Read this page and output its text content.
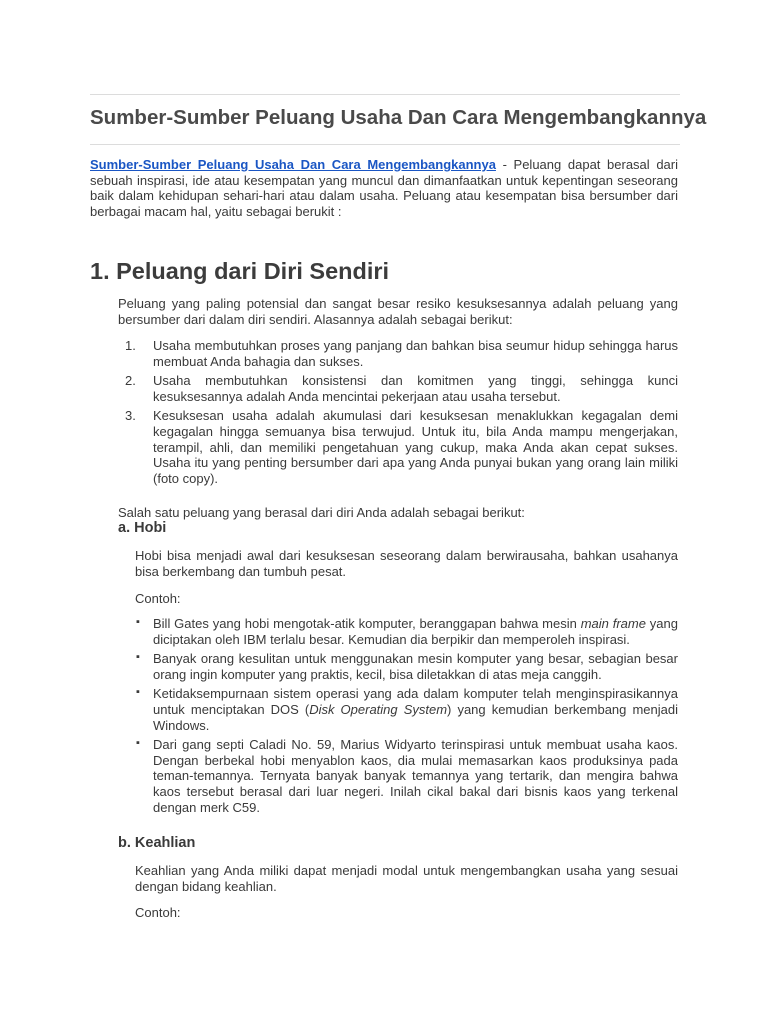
Sumber-Sumber Peluang Usaha Dan Cara Mengembangkannya

Sumber-Sumber Peluang Usaha Dan Cara Mengembangkannya - Peluang dapat berasal dari sebuah inspirasi, ide atau kesempatan yang muncul dan dimanfaatkan untuk kepentingan seseorang baik dalam kehidupan sehari-hari atau dalam usaha. Peluang atau kesempatan bisa bersumber dari berbagai macam hal, yaitu sebagai berukit :

1. Peluang dari Diri Sendiri

Peluang yang paling potensial dan sangat besar resiko kesuksesannya adalah peluang yang bersumber dari dalam diri sendiri. Alasannya adalah sebagai berikut:

1. Usaha membutuhkan proses yang panjang dan bahkan bisa seumur hidup sehingga harus membuat Anda bahagia dan sukses.
2. Usaha membutuhkan konsistensi dan komitmen yang tinggi, sehingga kunci kesuksesannya adalah Anda mencintai pekerjaan atau usaha tersebut.
3. Kesuksesan usaha adalah akumulasi dari kesuksesan menaklukkan kegagalan demi kegagalan hingga semuanya bisa terwujud. Untuk itu, bila Anda mampu mengerjakan, terampil, ahli, dan memiliki pengetahuan yang cukup, maka Anda akan cepat sukses. Usaha itu yang penting bersumber dari apa yang Anda punyai bukan yang orang lain miliki (foto copy).

Salah satu peluang yang berasal dari diri Anda adalah sebagai berikut:

a. Hobi

Hobi bisa menjadi awal dari kesuksesan seseorang dalam berwirausaha, bahkan usahanya bisa berkembang dan tumbuh pesat.

Contoh:

▪ Bill Gates yang hobi mengotak-atik komputer, beranggapan bahwa mesin main frame yang diciptakan oleh IBM terlalu besar. Kemudian dia berpikir dan memperoleh inspirasi.
▪ Banyak orang kesulitan untuk menggunakan mesin komputer yang besar, sebagian besar orang ingin komputer yang praktis, kecil, bisa diletakkan di atas meja canggih.
▪ Ketidaksempurnaan sistem operasi yang ada dalam komputer telah menginspirasikannya untuk menciptakan DOS (Disk Operating System) yang kemudian berkembang menjadi Windows.
▪ Dari gang septi Caladi No. 59, Marius Widyarto terinspirasi untuk membuat usaha kaos. Dengan berbekal hobi menyablon kaos, dia mulai memasarkan kaos produksinya pada teman-temannya. Ternyata banyak banyak temannya yang tertarik, dan mengira bahwa kaos tersebut berasal dari luar negeri. Inilah cikal bakal dari bisnis kaos yang terkenal dengan merk C59.
b. Keahlian

Keahlian yang Anda miliki dapat menjadi modal untuk mengembangkan usaha yang sesuai dengan bidang keahlian.

Contoh:
